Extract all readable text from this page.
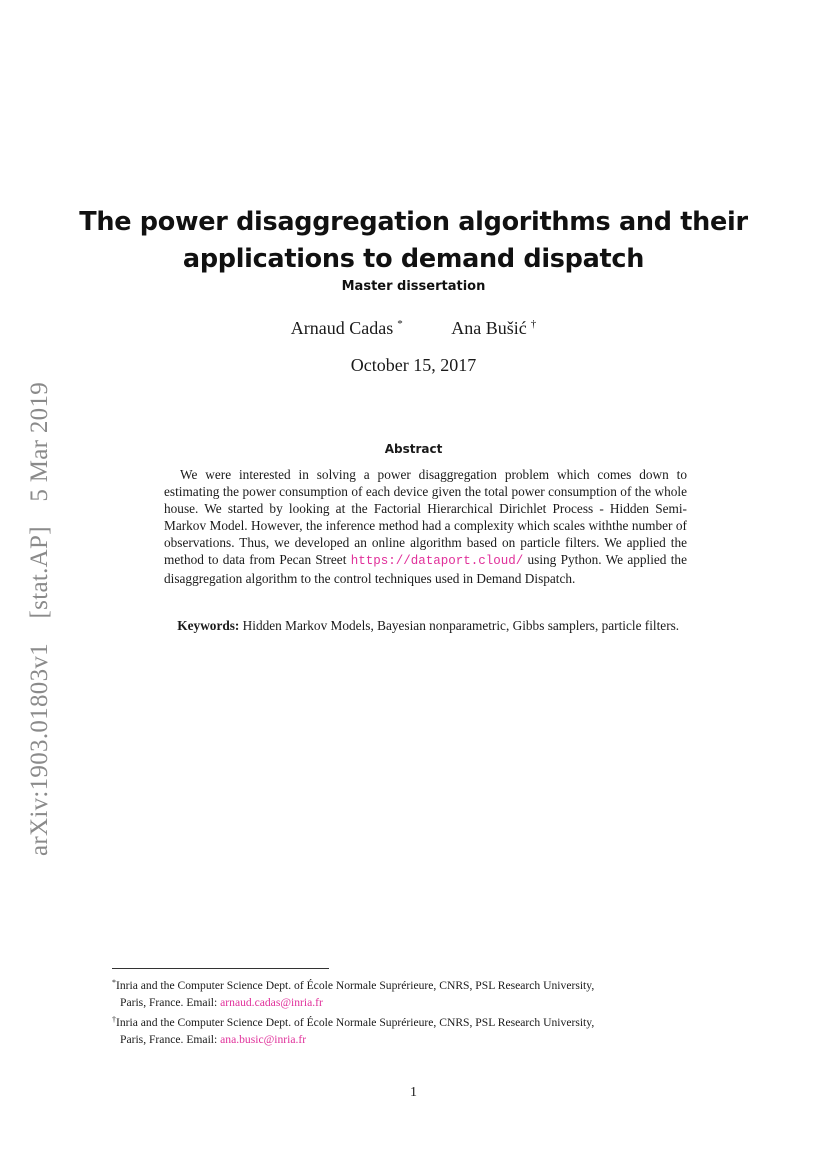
arXiv:1903.01803v1 [stat.AP] 5 Mar 2019
The power disaggregation algorithms and their
applications to demand dispatch
Master dissertation
Arnaud Cadas *	Ana Bušić †
October 15, 2017
Abstract
We were interested in solving a power disaggregation problem which comes down to estimating the power consumption of each device given the total power consumption of the whole house. We started by looking at the Factorial Hierarchical Dirichlet Process - Hidden Semi-Markov Model. However, the inference method had a complexity which scales withthe number of observations. Thus, we developed an online algorithm based on particle filters. We applied the method to data from Pecan Street https://dataport.cloud/ using Python. We applied the disaggregation algorithm to the control techniques used in Demand Dispatch.
Keywords: Hidden Markov Models, Bayesian nonparametric, Gibbs samplers, particle filters.
*Inria and the Computer Science Dept. of École Normale Suprérieure, CNRS, PSL Research University,
Paris, France. Email: arnaud.cadas@inria.fr
†Inria and the Computer Science Dept. of École Normale Suprérieure, CNRS, PSL Research University,
Paris, France. Email: ana.busic@inria.fr
1
